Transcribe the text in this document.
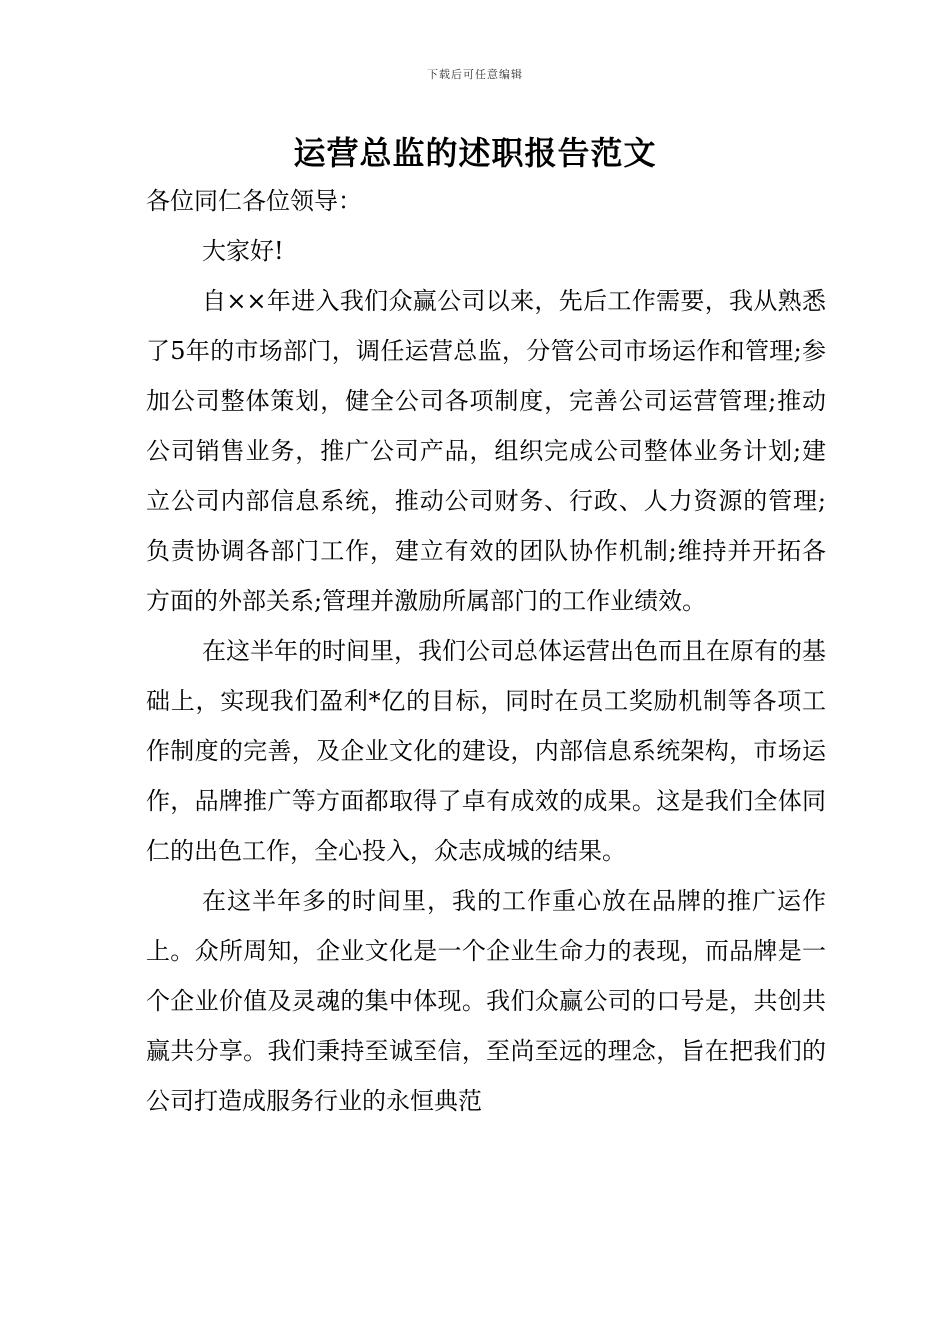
下载后可任意编辑
运营总监的述职报告范文

各位同仁各位领导：

大家好!

自××年进入我们众赢公司以来，先后工作需要，我从熟悉了5年的市场部门，调任运营总监，分管公司市场运作和管理;参加公司整体策划，健全公司各项制度，完善公司运营管理;推动公司销售业务，推广公司产品，组织完成公司整体业务计划;建立公司内部信息系统，推动公司财务、行政、人力资源的管理;负责协调各部门工作，建立有效的团队协作机制;维持并开拓各方面的外部关系;管理并激励所属部门的工作业绩效。

在这半年的时间里，我们公司总体运营出色而且在原有的基础上，实现我们盈利*亿的目标，同时在员工奖励机制等各项工作制度的完善，及企业文化的建设，内部信息系统架构，市场运作，品牌推广等方面都取得了卓有成效的成果。这是我们全体同仁的出色工作，全心投入，众志成城的结果。

在这半年多的时间里，我的工作重心放在品牌的推广运作上。众所周知，企业文化是一个企业生命力的表现，而品牌是一个企业价值及灵魂的集中体现。我们众赢公司的口号是，共创共赢共分享。我们秉持至诚至信，至尚至远的理念，旨在把我们的公司打造成服务行业的永恒典范
